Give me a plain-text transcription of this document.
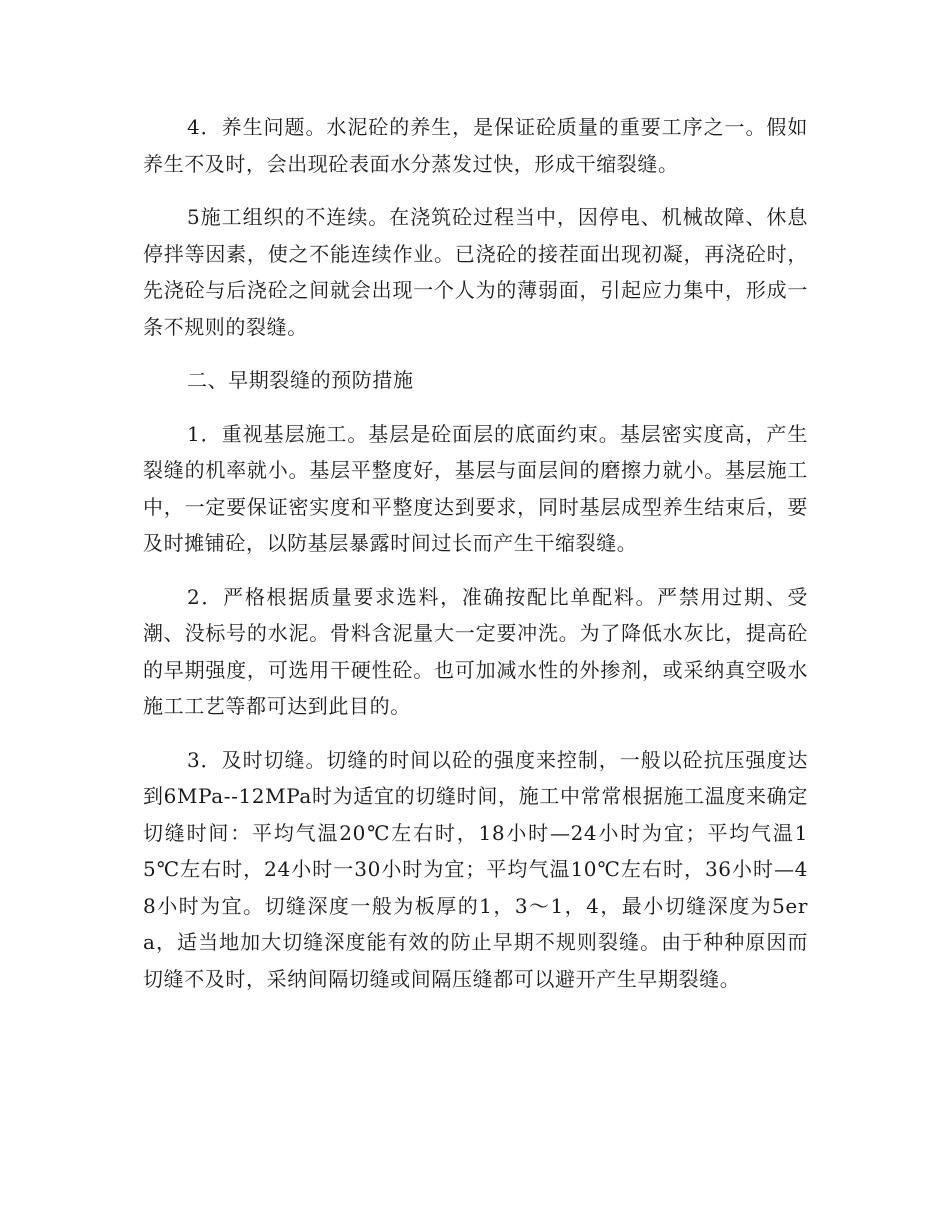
4．养生问题。水泥砼的养生，是保证砼质量的重要工序之一。假如养生不及时，会出现砼表面水分蒸发过快，形成干缩裂缝。

5施工组织的不连续。在浇筑砼过程当中，因停电、机械故障、休息停拌等因素，使之不能连续作业。已浇砼的接茬面出现初凝，再浇砼时，先浇砼与后浇砼之间就会出现一个人为的薄弱面，引起应力集中，形成一条不规则的裂缝。

二、早期裂缝的预防措施

1．重视基层施工。基层是砼面层的底面约束。基层密实度高，产生裂缝的机率就小。基层平整度好，基层与面层间的磨擦力就小。基层施工中，一定要保证密实度和平整度达到要求，同时基层成型养生结束后，要及时摊铺砼，以防基层暴露时间过长而产生干缩裂缝。

2．严格根据质量要求选料，准确按配比单配料。严禁用过期、受潮、没标号的水泥。骨料含泥量大一定要冲洗。为了降低水灰比，提高砼的早期强度，可选用干硬性砼。也可加减水性的外掺剂，或采纳真空吸水施工工艺等都可达到此目的。

3．及时切缝。切缝的时间以砼的强度来控制，一般以砼抗压强度达到6MPa--12MPa时为适宜的切缝时间，施工中常常根据施工温度来确定切缝时间：平均气温20℃左右时，18小时—24小时为宜；平均气温15℃左右时，24小时一30小时为宜；平均气温10℃左右时，36小时—48小时为宜。切缝深度一般为板厚的1，3～1，4，最小切缝深度为5era，适当地加大切缝深度能有效的防止早期不规则裂缝。由于种种原因而切缝不及时，采纳间隔切缝或间隔压缝都可以避开产生早期裂缝。
